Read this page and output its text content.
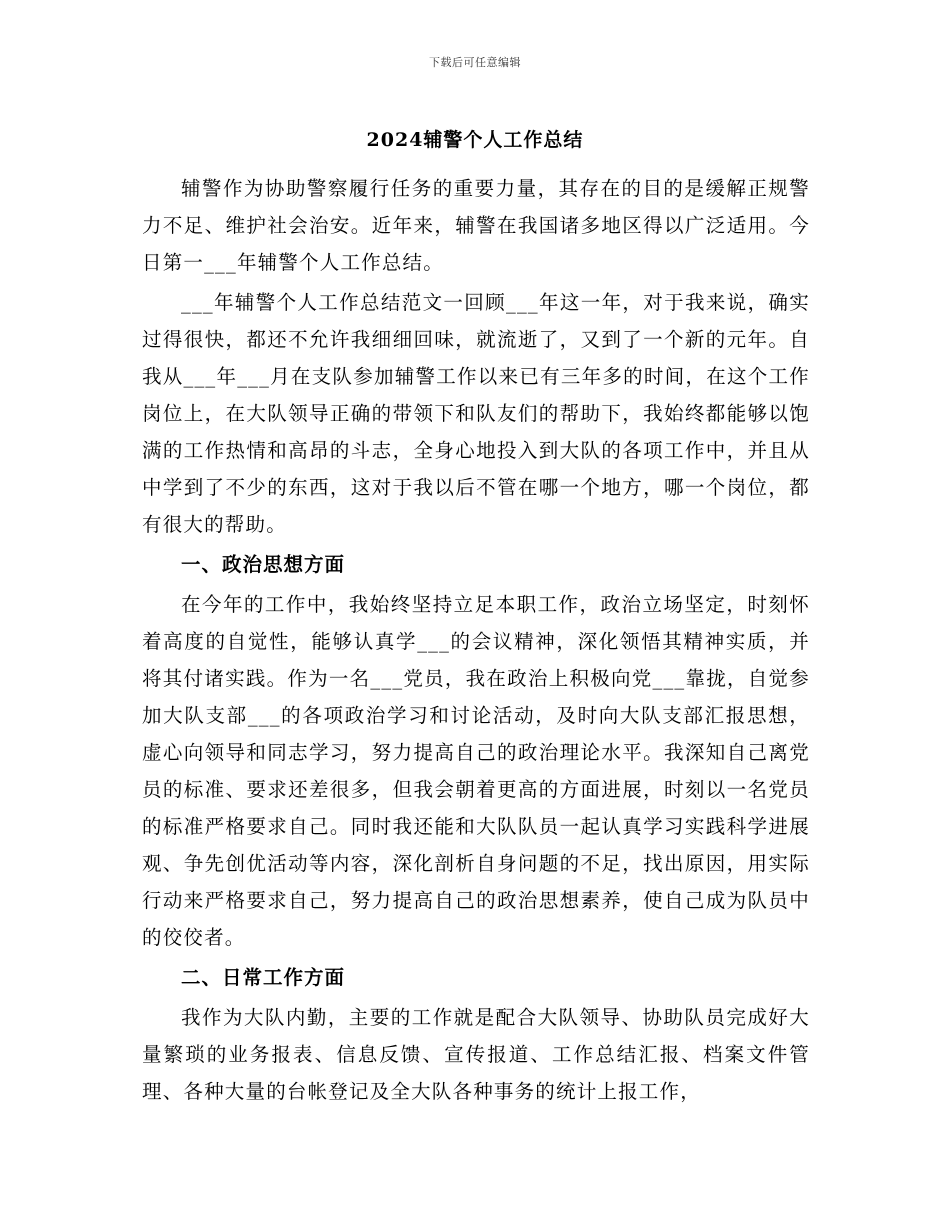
下载后可任意编辑
2024辅警个人工作总结

辅警作为协助警察履行任务的重要力量，其存在的目的是缓解正规警力不足、维护社会治安。近年来，辅警在我国诸多地区得以广泛适用。今日第一___年辅警个人工作总结。

___年辅警个人工作总结范文一回顾___年这一年，对于我来说，确实过得很快，都还不允许我细细回味，就流逝了，又到了一个新的元年。自我从___年___月在支队参加辅警工作以来已有三年多的时间，在这个工作岗位上，在大队领导正确的带领下和队友们的帮助下，我始终都能够以饱满的工作热情和高昂的斗志，全身心地投入到大队的各项工作中，并且从中学到了不少的东西，这对于我以后不管在哪一个地方，哪一个岗位，都有很大的帮助。

一、政治思想方面

在今年的工作中，我始终坚持立足本职工作，政治立场坚定，时刻怀着高度的自觉性，能够认真学___的会议精神，深化领悟其精神实质，并将其付诸实践。作为一名___党员，我在政治上积极向党___靠拢，自觉参加大队支部___的各项政治学习和讨论活动，及时向大队支部汇报思想，虚心向领导和同志学习，努力提高自己的政治理论水平。我深知自己离党员的标准、要求还差很多，但我会朝着更高的方面进展，时刻以一名党员的标准严格要求自己。同时我还能和大队队员一起认真学习实践科学进展观、争先创优活动等内容，深化剖析自身问题的不足，找出原因，用实际行动来严格要求自己，努力提高自己的政治思想素养，使自己成为队员中的佼佼者。

二、日常工作方面

我作为大队内勤，主要的工作就是配合大队领导、协助队员完成好大量繁琐的业务报表、信息反馈、宣传报道、工作总结汇报、档案文件管理、各种大量的台帐登记及全大队各种事务的统计上报工作，
